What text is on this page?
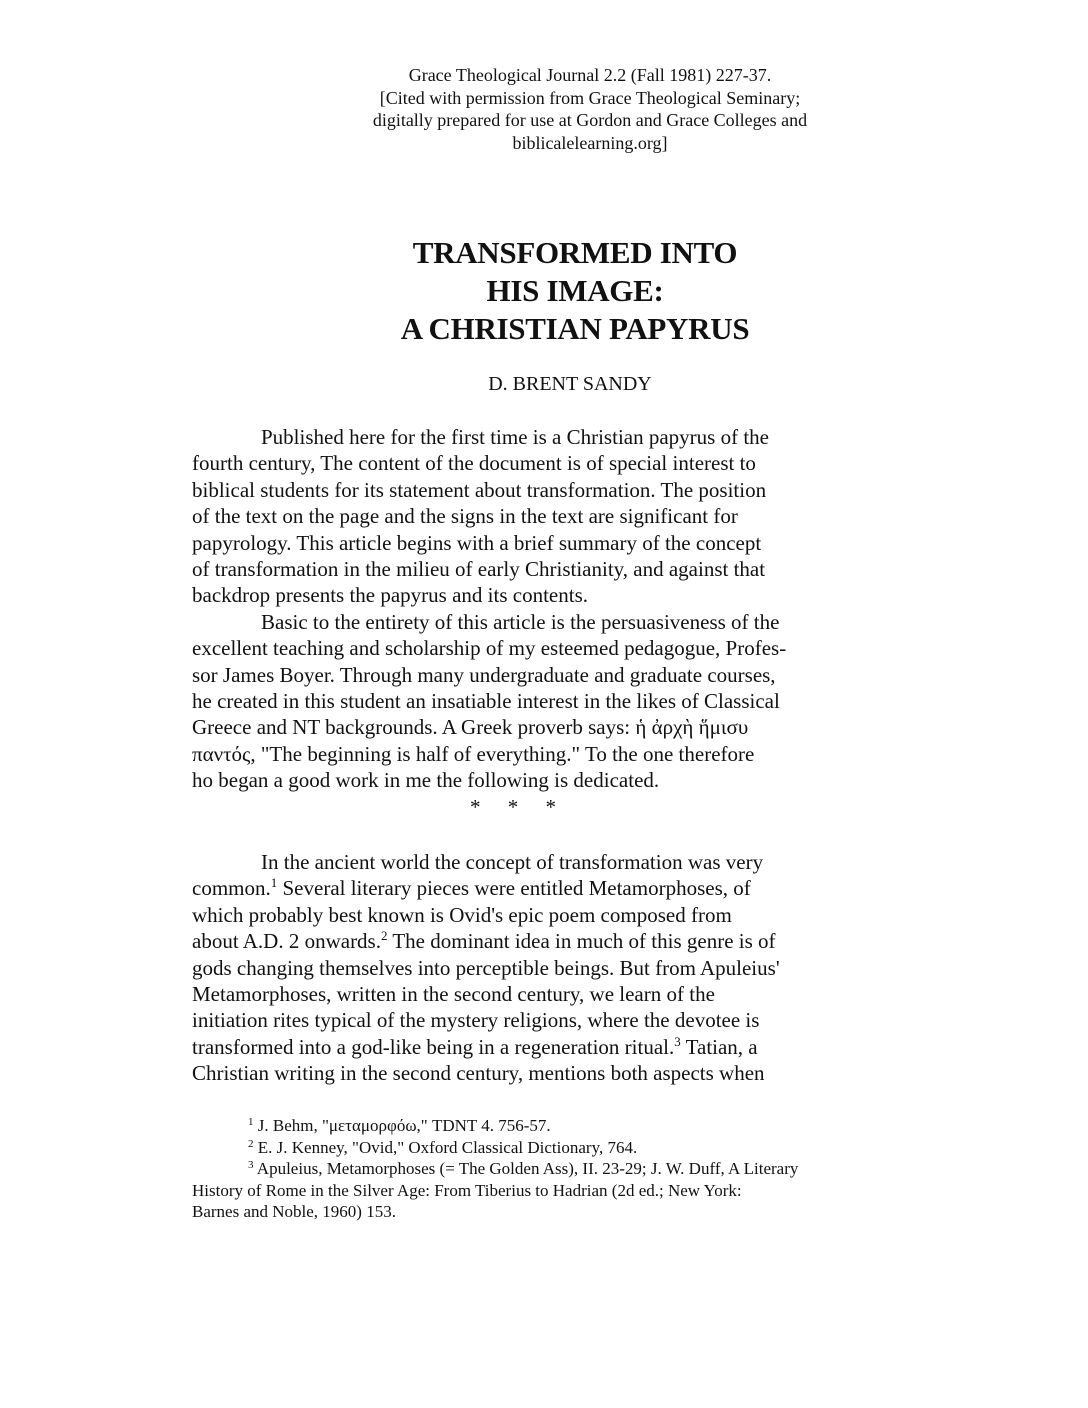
Grace Theological Journal 2.2 (Fall 1981) 227-37.
[Cited with permission from Grace Theological Seminary;
digitally prepared for use at Gordon and Grace Colleges and
biblicalelearning.org]
TRANSFORMED INTO
HIS IMAGE:
A CHRISTIAN PAPYRUS
D. BRENT SANDY

Published here for the first time is a Christian papyrus of the
fourth century, The content of the document is of special interest to
biblical students for its statement about transformation. The position
of the text on the page and the signs in the text are significant for
papyrology. This article begins with a brief summary of the concept
of transformation in the milieu of early Christianity, and against that
backdrop presents the papyrus and its contents.

Basic to the entirety of this article is the persuasiveness of the
excellent teaching and scholarship of my esteemed pedagogue, Profes-
sor James Boyer. Through many undergraduate and graduate courses,
he created in this student an insatiable interest in the likes of Classical
Greece and NT backgrounds. A Greek proverb says: ἡ ἀρχὴ ἥμισυ
παντός, "The beginning is half of everything." To the one therefore
ho began a good work in me the following is dedicated.

* * *

In the ancient world the concept of transformation was very
common.$^1$ Several literary pieces were entitled Metamorphoses, of
which probably best known is Ovid's epic poem composed from
about A.D. 2 onwards.$^2$ The dominant idea in much of this genre is of
gods changing themselves into perceptible beings. But from Apuleius'
Metamorphoses, written in the second century, we learn of the
initiation rites typical of the mystery religions, where the devotee is
transformed into a god-like being in a regeneration ritual.$^3$ Tatian, a
Christian writing in the second century, mentions both aspects when

$^1$ J. Behm, "μεταμορφόω," TDNT 4. 756-57.
$^2$ E. J. Kenney, "Ovid," Oxford Classical Dictionary, 764.
$^3$ Apuleius, Metamorphoses (= The Golden Ass), II. 23-29; J. W. Duff, A Literary
History of Rome in the Silver Age: From Tiberius to Hadrian (2d ed.; New York:
Barnes and Noble, 1960) 153.
